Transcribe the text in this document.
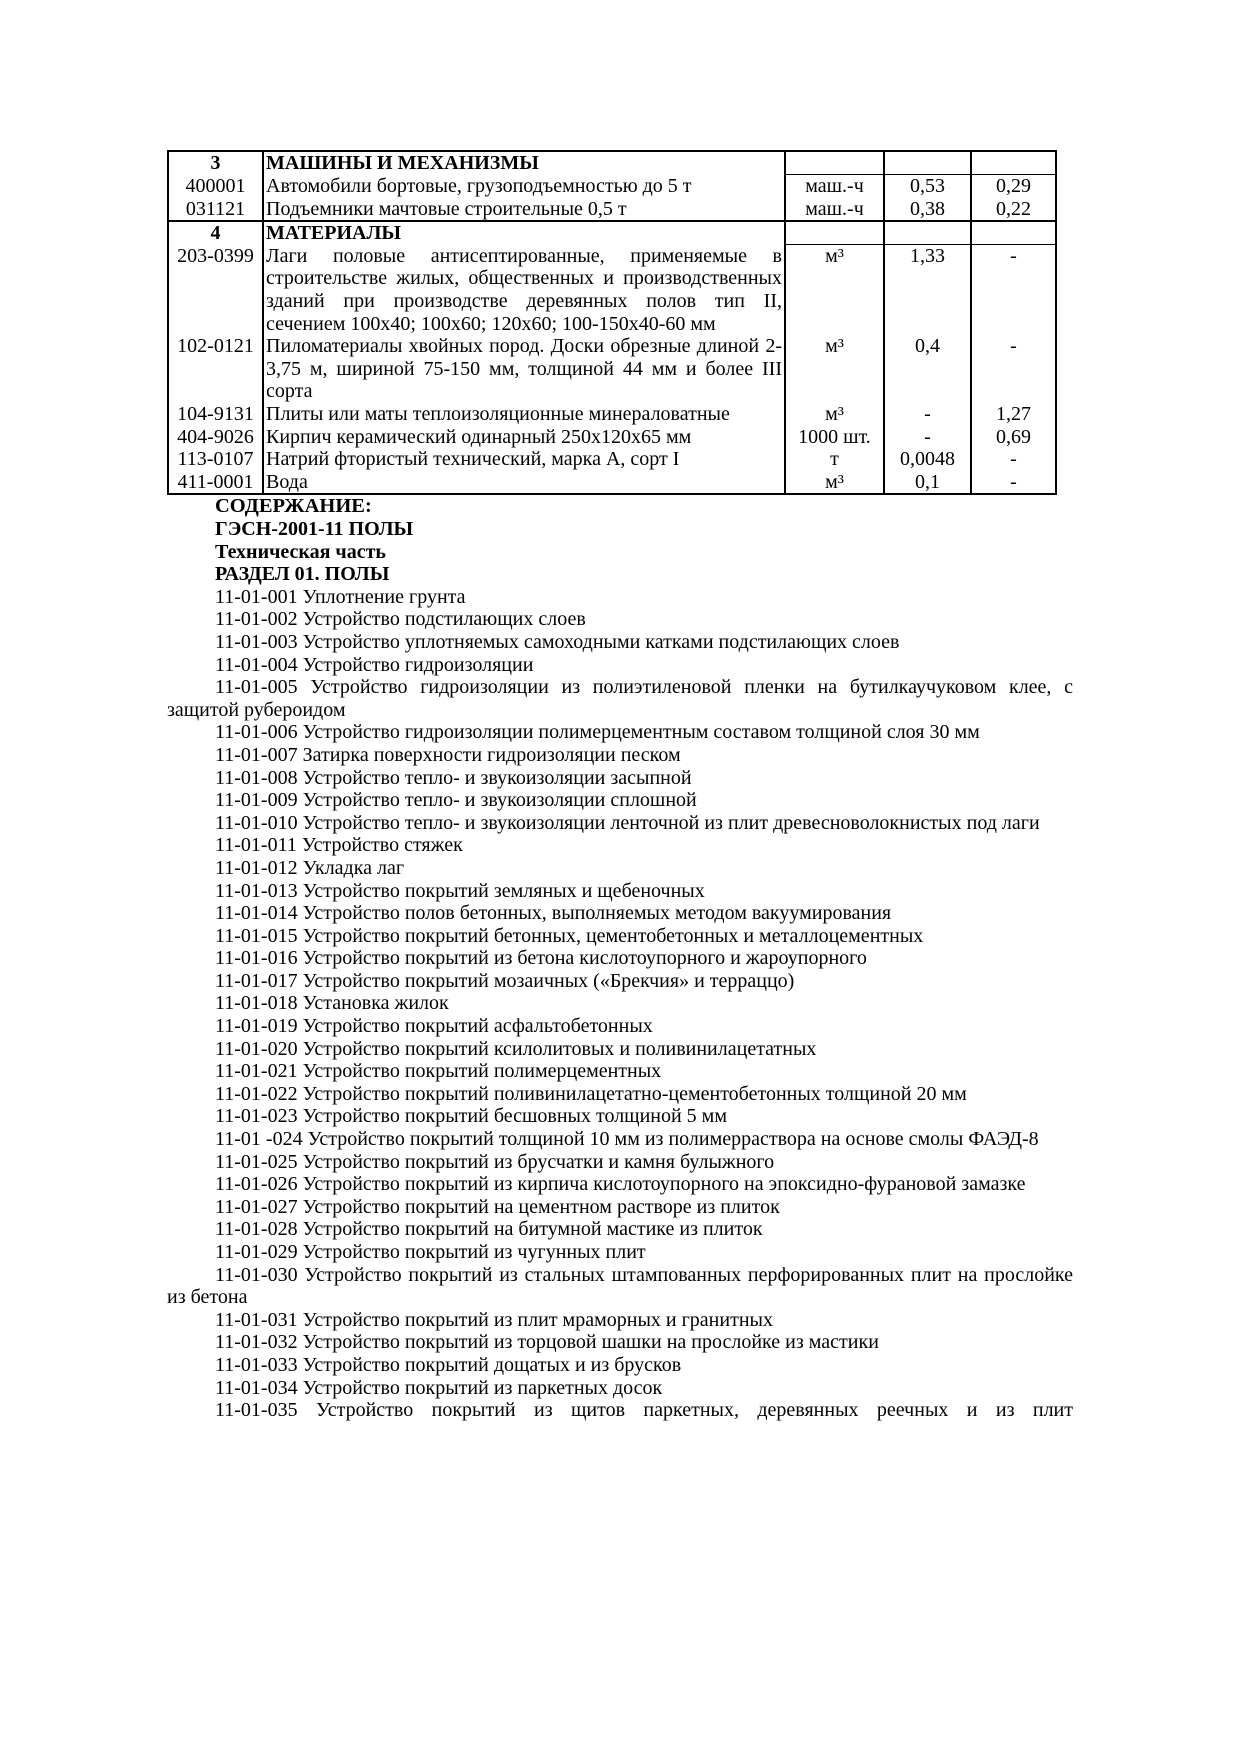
3	МАШИНЫ И МЕХАНИЗМЫ			
400001	Автомобили бортовые, грузоподъемностью до 5 т	маш.-ч	0,53	0,29
031121	Подъемники мачтовые строительные 0,5 т	маш.-ч	0,38	0,22
4	МАТЕРИАЛЫ			
203-0399	Лаги половые антисептированные, применяемые в строительстве жилых, общественных и производственных зданий при производстве деревянных полов тип II, сечением 100х40; 100х60; 120х60; 100-150х40-60 мм	м³	1,33	-
102-0121	Пиломатериалы хвойных пород. Доски обрезные длиной 2-3,75 м, шириной 75-150 мм, толщиной 44 мм и более III сорта	м³	0,4	-
104-9131	Плиты или маты теплоизоляционные минераловатные	м³	-	1,27
404-9026	Кирпич керамический одинарный 250х120х65 мм	1000 шт.	-	0,69
113-0107	Натрий фтористый технический, марка А, сорт I	т	0,0048	-
411-0001	Вода	м³	0,1	-

СОДЕРЖАНИЕ:

ГЭСН-2001-11 ПОЛЫ

Техническая часть

РАЗДЕЛ 01. ПОЛЫ

11-01-001 Уплотнение грунта

11-01-002 Устройство подстилающих слоев

11-01-003 Устройство уплотняемых самоходными катками подстилающих слоев

11-01-004 Устройство гидроизоляции

11-01-005 Устройство гидроизоляции из полиэтиленовой пленки на бутилкаучуковом клее, с защитой рубероидом

11-01-006 Устройство гидроизоляции полимерцементным составом толщиной слоя 30 мм

11-01-007 Затирка поверхности гидроизоляции песком

11-01-008 Устройство тепло- и звукоизоляции засыпной

11-01-009 Устройство тепло- и звукоизоляции сплошной

11-01-010 Устройство тепло- и звукоизоляции ленточной из плит древесноволокнистых под лаги

11-01-011 Устройство стяжек

11-01-012 Укладка лаг

11-01-013 Устройство покрытий земляных и щебеночных

11-01-014 Устройство полов бетонных, выполняемых методом вакуумирования

11-01-015 Устройство покрытий бетонных, цементобетонных и металлоцементных

11-01-016 Устройство покрытий из бетона кислотоупорного и жароупорного

11-01-017 Устройство покрытий мозаичных («Брекчия» и терраццо)

11-01-018 Установка жилок

11-01-019 Устройство покрытий асфальтобетонных

11-01-020 Устройство покрытий ксилолитовых и поливинилацетатных

11-01-021 Устройство покрытий полимерцементных

11-01-022 Устройство покрытий поливинилацетатно-цементобетонных толщиной 20 мм

11-01-023 Устройство покрытий бесшовных толщиной 5 мм

11-01 -024 Устройство покрытий толщиной 10 мм из полимерраствора на основе смолы ФАЭД-8

11-01-025 Устройство покрытий из брусчатки и камня булыжного

11-01-026 Устройство покрытий из кирпича кислотоупорного на эпоксидно-фурановой замазке

11-01-027 Устройство покрытий на цементном растворе из плиток

11-01-028 Устройство покрытий на битумной мастике из плиток

11-01-029 Устройство покрытий из чугунных плит

11-01-030 Устройство покрытий из стальных штампованных перфорированных плит на прослойке из бетона

11-01-031 Устройство покрытий из плит мраморных и гранитных

11-01-032 Устройство покрытий из торцовой шашки на прослойке из мастики

11-01-033 Устройство покрытий дощатых и из брусков

11-01-034 Устройство покрытий из паркетных досок

11-01-035 Устройство покрытий из щитов паркетных, деревянных реечных и из плит
